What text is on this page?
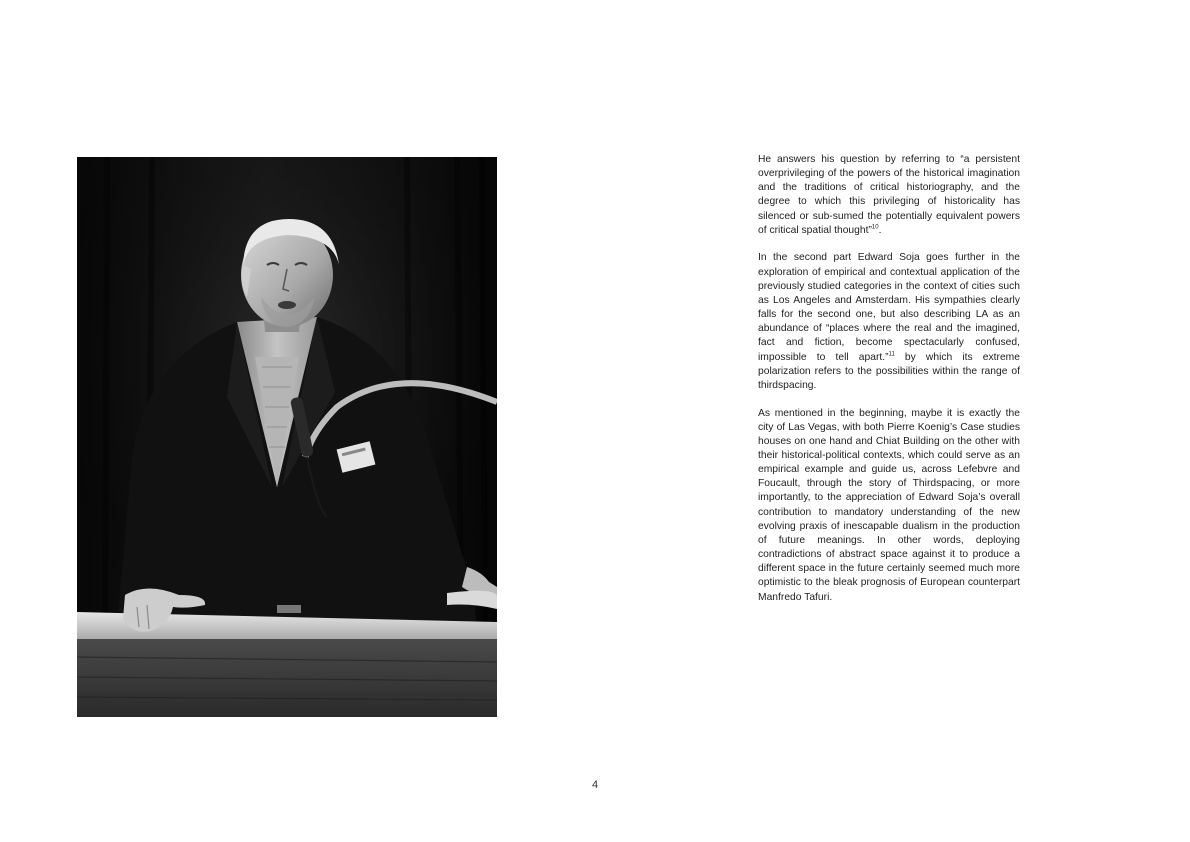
He answers his question by referring to “a persistent overprivileging of the powers of the historical imagination and the traditions of critical historiography, and the degree to which this privileging of historicality has silenced or sub-sumed the potentially equivalent powers of critical spatial thought”$^{10}$.

In the second part Edward Soja goes further in the exploration of empirical and contextual application of the previously studied categories in the context of cities such as Los Angeles and Amsterdam. His sympathies clearly falls for the second one, but also describing LA as an abundance of “places where the real and the imagined, fact and fiction, become spectacularly confused, impossible to tell apart.”$^{11}$ by which its extreme polarization refers to the possibilities within the range of thirdspacing.

As mentioned in the beginning, maybe it is exactly the city of Las Vegas, with both Pierre Koenig’s Case studies houses on one hand and Chiat Building on the other with their historical-political contexts, which could serve as an empirical example and guide us, across Lefebvre and Foucault, through the story of Thirdspacing, or more importantly, to the appreciation of Edward Soja’s overall contribution to mandatory understanding of the new evolving praxis of inescapable dualism in the production of future meanings. In other words, deploying contradictions of abstract space against it to produce a different space in the future certainly seemed much more optimistic to the bleak prognosis of European counterpart Manfredo Tafuri.

4
